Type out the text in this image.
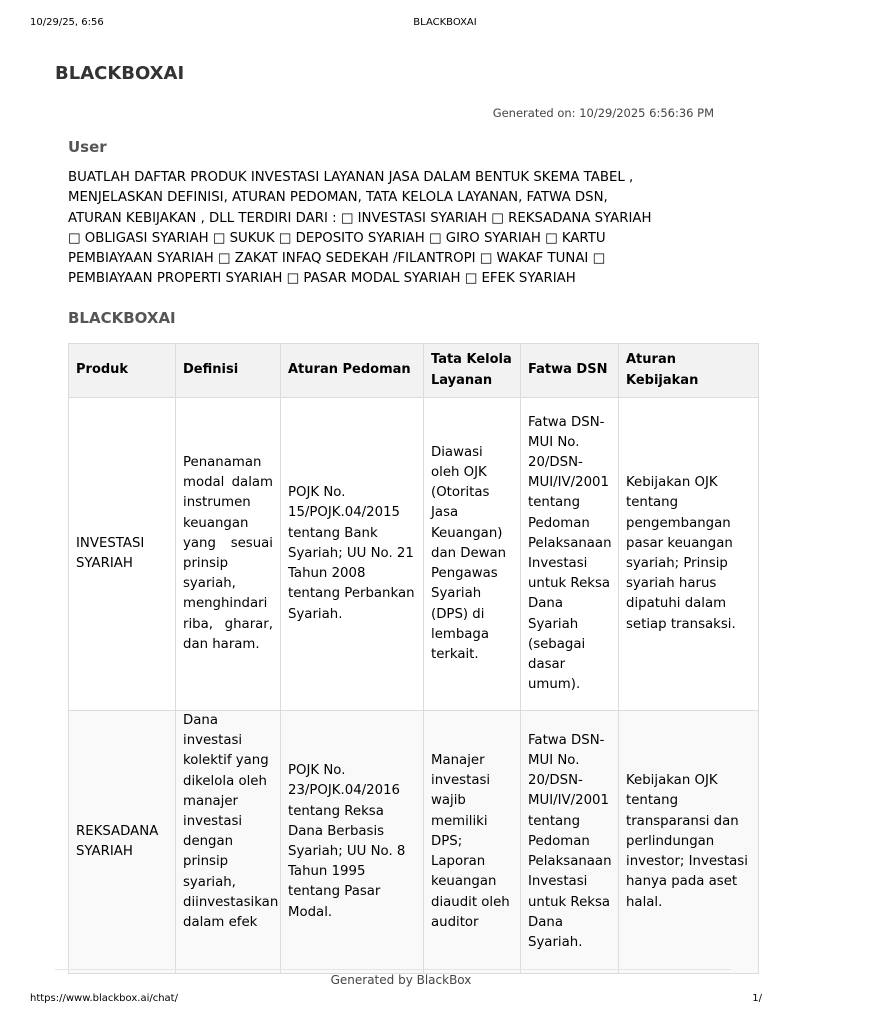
10/29/25, 6:56	BLACKBOXAI
BLACKBOXAI
Generated on: 10/29/2025 6:56:36 PM
User

BUATLAH DAFTAR PRODUK INVESTASI LAYANAN JASA DALAM BENTUK SKEMA TABEL ,
MENJELASKAN DEFINISI, ATURAN PEDOMAN, TATA KELOLA LAYANAN, FATWA DSN,
ATURAN KEBIJAKAN , DLL TERDIRI DARI : □ INVESTASI SYARIAH □ REKSADANA SYARIAH
□ OBLIGASI SYARIAH □ SUKUK □ DEPOSITO SYARIAH □ GIRO SYARIAH □ KARTU
PEMBIAYAAN SYARIAH □ ZAKAT INFAQ SEDEKAH /FILANTROPI □ WAKAF TUNAI □
PEMBIAYAAN PROPERTI SYARIAH □ PASAR MODAL SYARIAH □ EFEK SYARIAH

BLACKBOXAI
Produk	Definisi	Aturan Pedoman	Tata Kelola Layanan	Fatwa DSN	Aturan Kebijakan
INVESTASI SYARIAH	Penanaman modal dalam instrumen keuangan yang sesuai prinsip syariah, menghindari riba, gharar, dan haram.	POJK No. 15/POJK.04/2015 tentang Bank Syariah; UU No. 21 Tahun 2008 tentang Perbankan Syariah.	Diawasi oleh OJK (Otoritas Jasa Keuangan) dan Dewan Pengawas Syariah (DPS) di lembaga terkait.	Fatwa DSN-MUI No. 20/DSN-MUI/IV/2001 tentang Pedoman Pelaksanaan Investasi untuk Reksa Dana Syariah (sebagai dasar umum).	Kebijakan OJK tentang pengembangan pasar keuangan syariah; Prinsip syariah harus dipatuhi dalam setiap transaksi.
REKSADANA SYARIAH	Dana investasi kolektif yang dikelola oleh manajer investasi dengan prinsip syariah, diinvestasikan dalam efek	POJK No. 23/POJK.04/2016 tentang Reksa Dana Berbasis Syariah; UU No. 8 Tahun 1995 tentang Pasar Modal.	Manajer investasi wajib memiliki DPS; Laporan keuangan diaudit oleh auditor	Fatwa DSN-MUI No. 20/DSN-MUI/IV/2001 tentang Pedoman Pelaksanaan Investasi untuk Reksa Dana Syariah.	Kebijakan OJK tentang transparansi dan perlindungan investor; Investasi hanya pada aset halal.
Generated by BlackBox
https://www.blackbox.ai/chat/	1/
